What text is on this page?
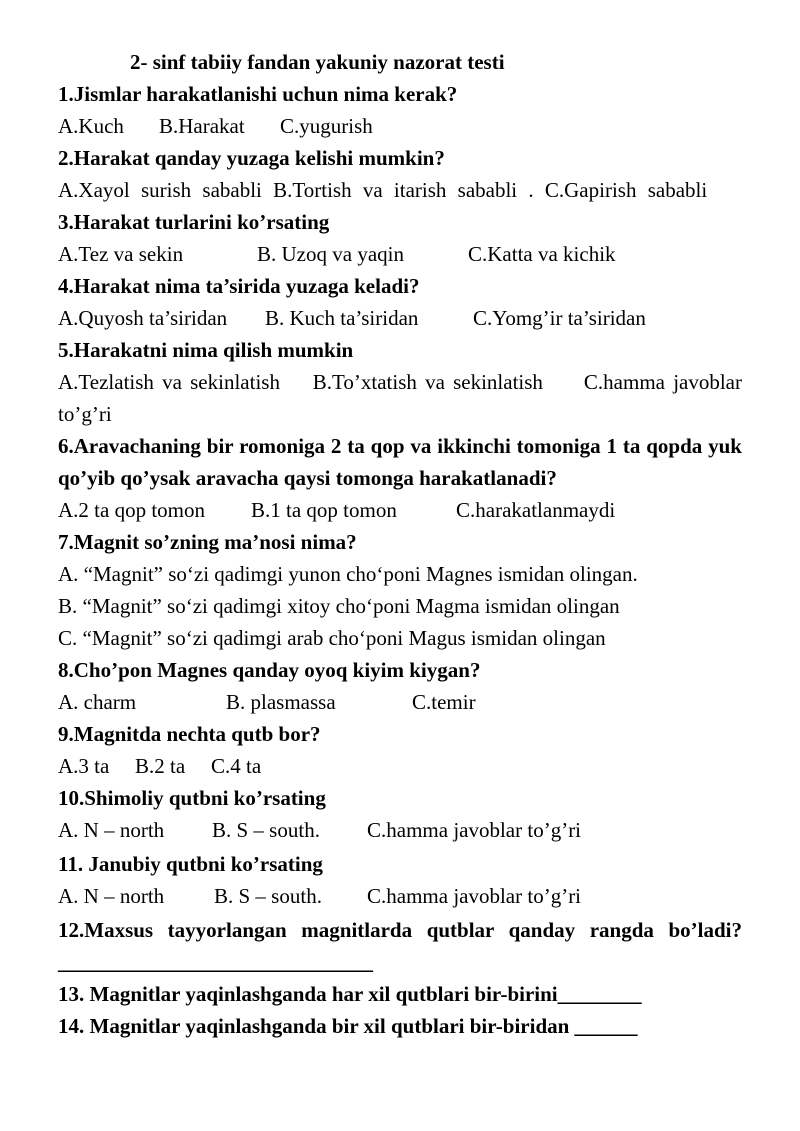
2- sinf tabiiy fandan yakuniy nazorat testi
1.Jismlar harakatlanishi uchun nima kerak?
A.Kuch B.Harakat C.yugurish
2.Harakat qanday yuzaga kelishi mumkin?
A.Xayol surish sababli B.Tortish va itarish sababli . C.Gapirish sababli
3.Harakat turlarini ko’rsating
A.Tez va sekin	B. Uzoq va yaqin	C.Katta va kichik
4.Harakat nima ta’sirida yuzaga keladi?
A.Quyosh ta’siridan B. Kuch ta’siridan	C.Yomg’ir ta’siridan
5.Harakatni nima qilish mumkin
A.Tezlatish va sekinlatish    B.To’xtatish va sekinlatish     C.hamma javoblar to’g’ri
6.Aravachaning bir romoniga 2 ta qop va ikkinchi tomoniga 1 ta qopda yuk qo’yib qo’ysak aravacha qaysi tomonga harakatlanadi?
A.2 ta qop tomon B.1 ta qop tomon	C.harakatlanmaydi
7.Magnit so’zning ma’nosi nima?
A. “Magnit” so‘zi qadimgi yunon cho‘poni Magnes ismidan olingan.
B. “Magnit” so‘zi qadimgi xitoy cho‘poni Magma ismidan olingan
C. “Magnit” so‘zi qadimgi arab cho‘poni Magus ismidan olingan
8.Cho’pon Magnes qanday oyoq kiyim kiygan?
A. charm	B. plasmassa	C.temir
9.Magnitda nechta qutb bor?
A.3 ta B.2 ta C.4 ta
10.Shimoliy qutbni ko’rsating
A. N – north B. S – south. C.hamma javoblar to’g’ri
11. Janubiy qutbni ko’rsating
A. N – north B. S – south. C.hamma javoblar to’g’ri
12.Maxsus tayyorlangan magnitlarda qutblar qanday rangda bo’ladi?______________________________
13. Magnitlar yaqinlashganda har xil qutblari bir-birini________
14. Magnitlar yaqinlashganda bir xil qutblari bir-biridan ______
